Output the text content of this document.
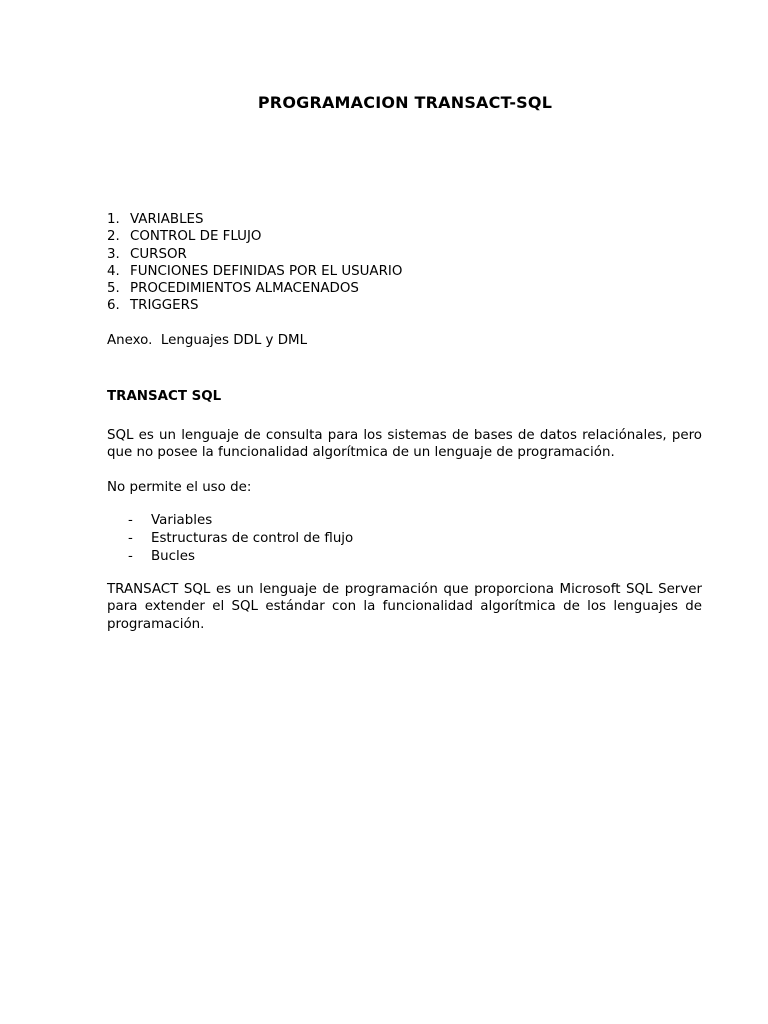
PROGRAMACION TRANSACT-SQL
1. VARIABLES
2. CONTROL DE FLUJO
3. CURSOR
4. FUNCIONES DEFINIDAS POR EL USUARIO
5. PROCEDIMIENTOS ALMACENADOS
6. TRIGGERS
Anexo.  Lenguajes DDL y DML
TRANSACT SQL
SQL es un lenguaje de consulta para los sistemas de bases de datos relaciónales, pero que no posee la funcionalidad algorítmica de un lenguaje de programación.
No permite el uso de:
-	Variables
-	Estructuras de control de flujo
-	Bucles
TRANSACT SQL es un lenguaje de programación que proporciona Microsoft SQL Server para extender el SQL estándar con la funcionalidad algorítmica de los lenguajes de programación.
